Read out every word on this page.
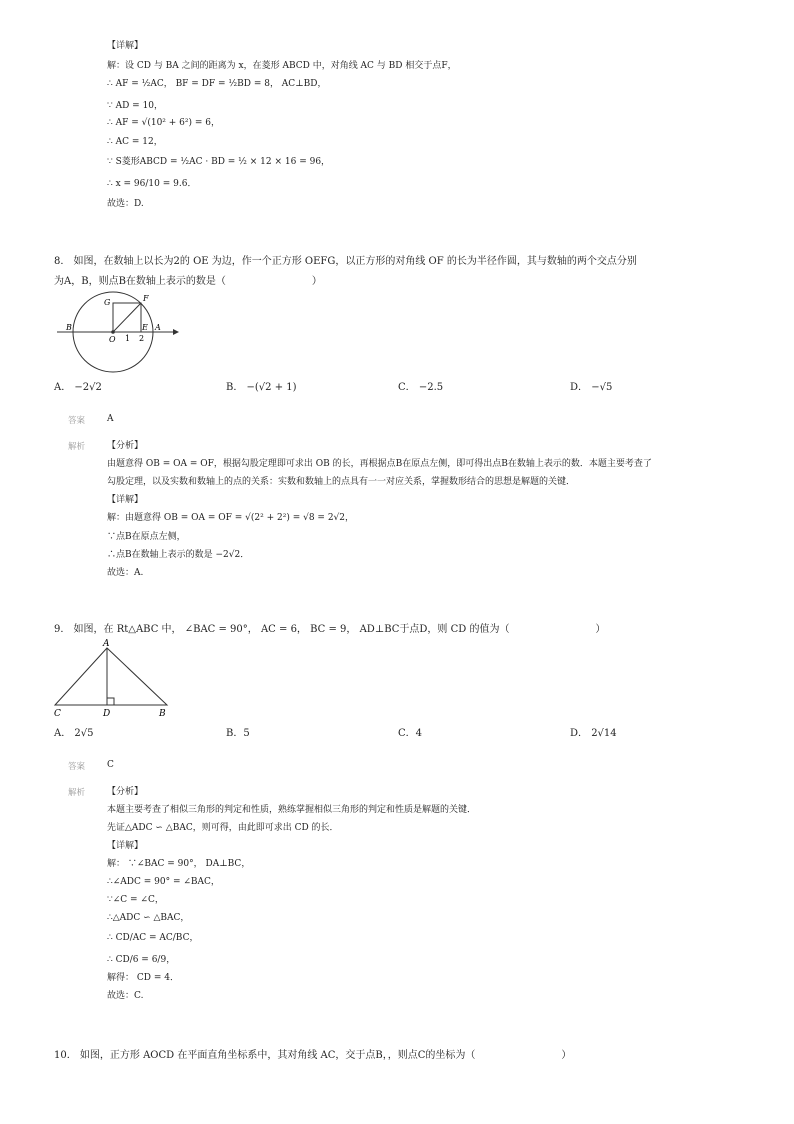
【详解】
解：设 CD 与 BA 之间的距离为 x，在菱形 ABCD 中，对角线 AC 与 BD 相交于点F，
∴ AF = ½AC， BF = DF = ½BD = 8， AC⊥BD，
∵ AD = 10，
∴ AF = √(10² + 6²) = 6，
∴ AC = 12，
∵ S菱形ABCD = ½AC · BD = ½ × 12 × 16 = 96，
∴ x = 96/10 = 9.6．
故选：D.
8． 如图，在数轴上以长为2的 OE 为边，作一个正方形 OEFG，以正方形的对角线 OF 的长为半径作圆，其与数轴的两个交点分别
为A，B，则点B在数轴上表示的数是（	）
B
G	F
E A
O 1 2
A． −2√2	B． −(√2 + 1)	C． −2.5	D． −√5
答案 A
解析 【分析】
由题意得 OB = OA = OF，根据勾股定理即可求出 OB 的长，再根据点B在原点左侧，即可得出点B在数轴上表示的数．本题主要考查了
勾股定理，以及实数和数轴上的点的关系：实数和数轴上的点具有一一对应关系，掌握数形结合的思想是解题的关键．
【详解】
解：由题意得 OB = OA = OF = √(2² + 2²) = √8 = 2√2，
∵点B在原点左侧，
∴点B在数轴上表示的数是 −2√2．
故选：A.
9． 如图，在 Rt△ABC 中， ∠BAC = 90°， AC = 6， BC = 9， AD⊥BC于点D，则 CD 的值为（	）
A
C	D	B
A． 2√5	B．5	C．4	D． 2√14
答案 C
解析 【分析】
本题主要考查了相似三角形的判定和性质，熟练掌握相似三角形的判定和性质是解题的关键．
先证△ADC ∽ △BAC，则可得，由此即可求出 CD 的长．
【详解】
解： ∵∠BAC = 90°， DA⊥BC，
∴∠ADC = 90° = ∠BAC，
∵∠C = ∠C，
∴△ADC ∽ △BAC，
∴ CD/AC = AC/BC，
∴ CD/6 = 6/9，
解得： CD = 4．
故选：C.
10． 如图，正方形 AOCD 在平面直角坐标系中，其对角线 AC，交于点B，，则点C的坐标为（	）
